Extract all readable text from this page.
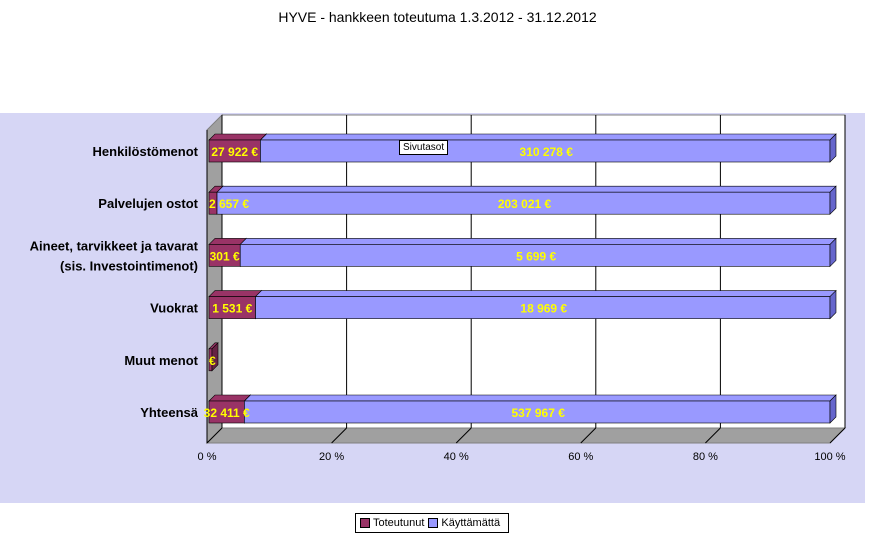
HYVE - hankkeen toteutuma 1.3.2012 - 31.12.2012
0 %	20 %	40 %	60 %	80 %	100 %
Henkilöstömenot 27 922 €	310 278 €
Palvelujen ostot 2 657 €	203 021 €
Aineet, tarvikkeet ja tavarat
(sis. Investointimenot)
301 €	5 699 €
Vuokrat 1 531 €	18 969 €
Muut menot €
Yhteensä 32 411 €	537 967 €
Sivutasot
Toteutunut Käyttämättä
